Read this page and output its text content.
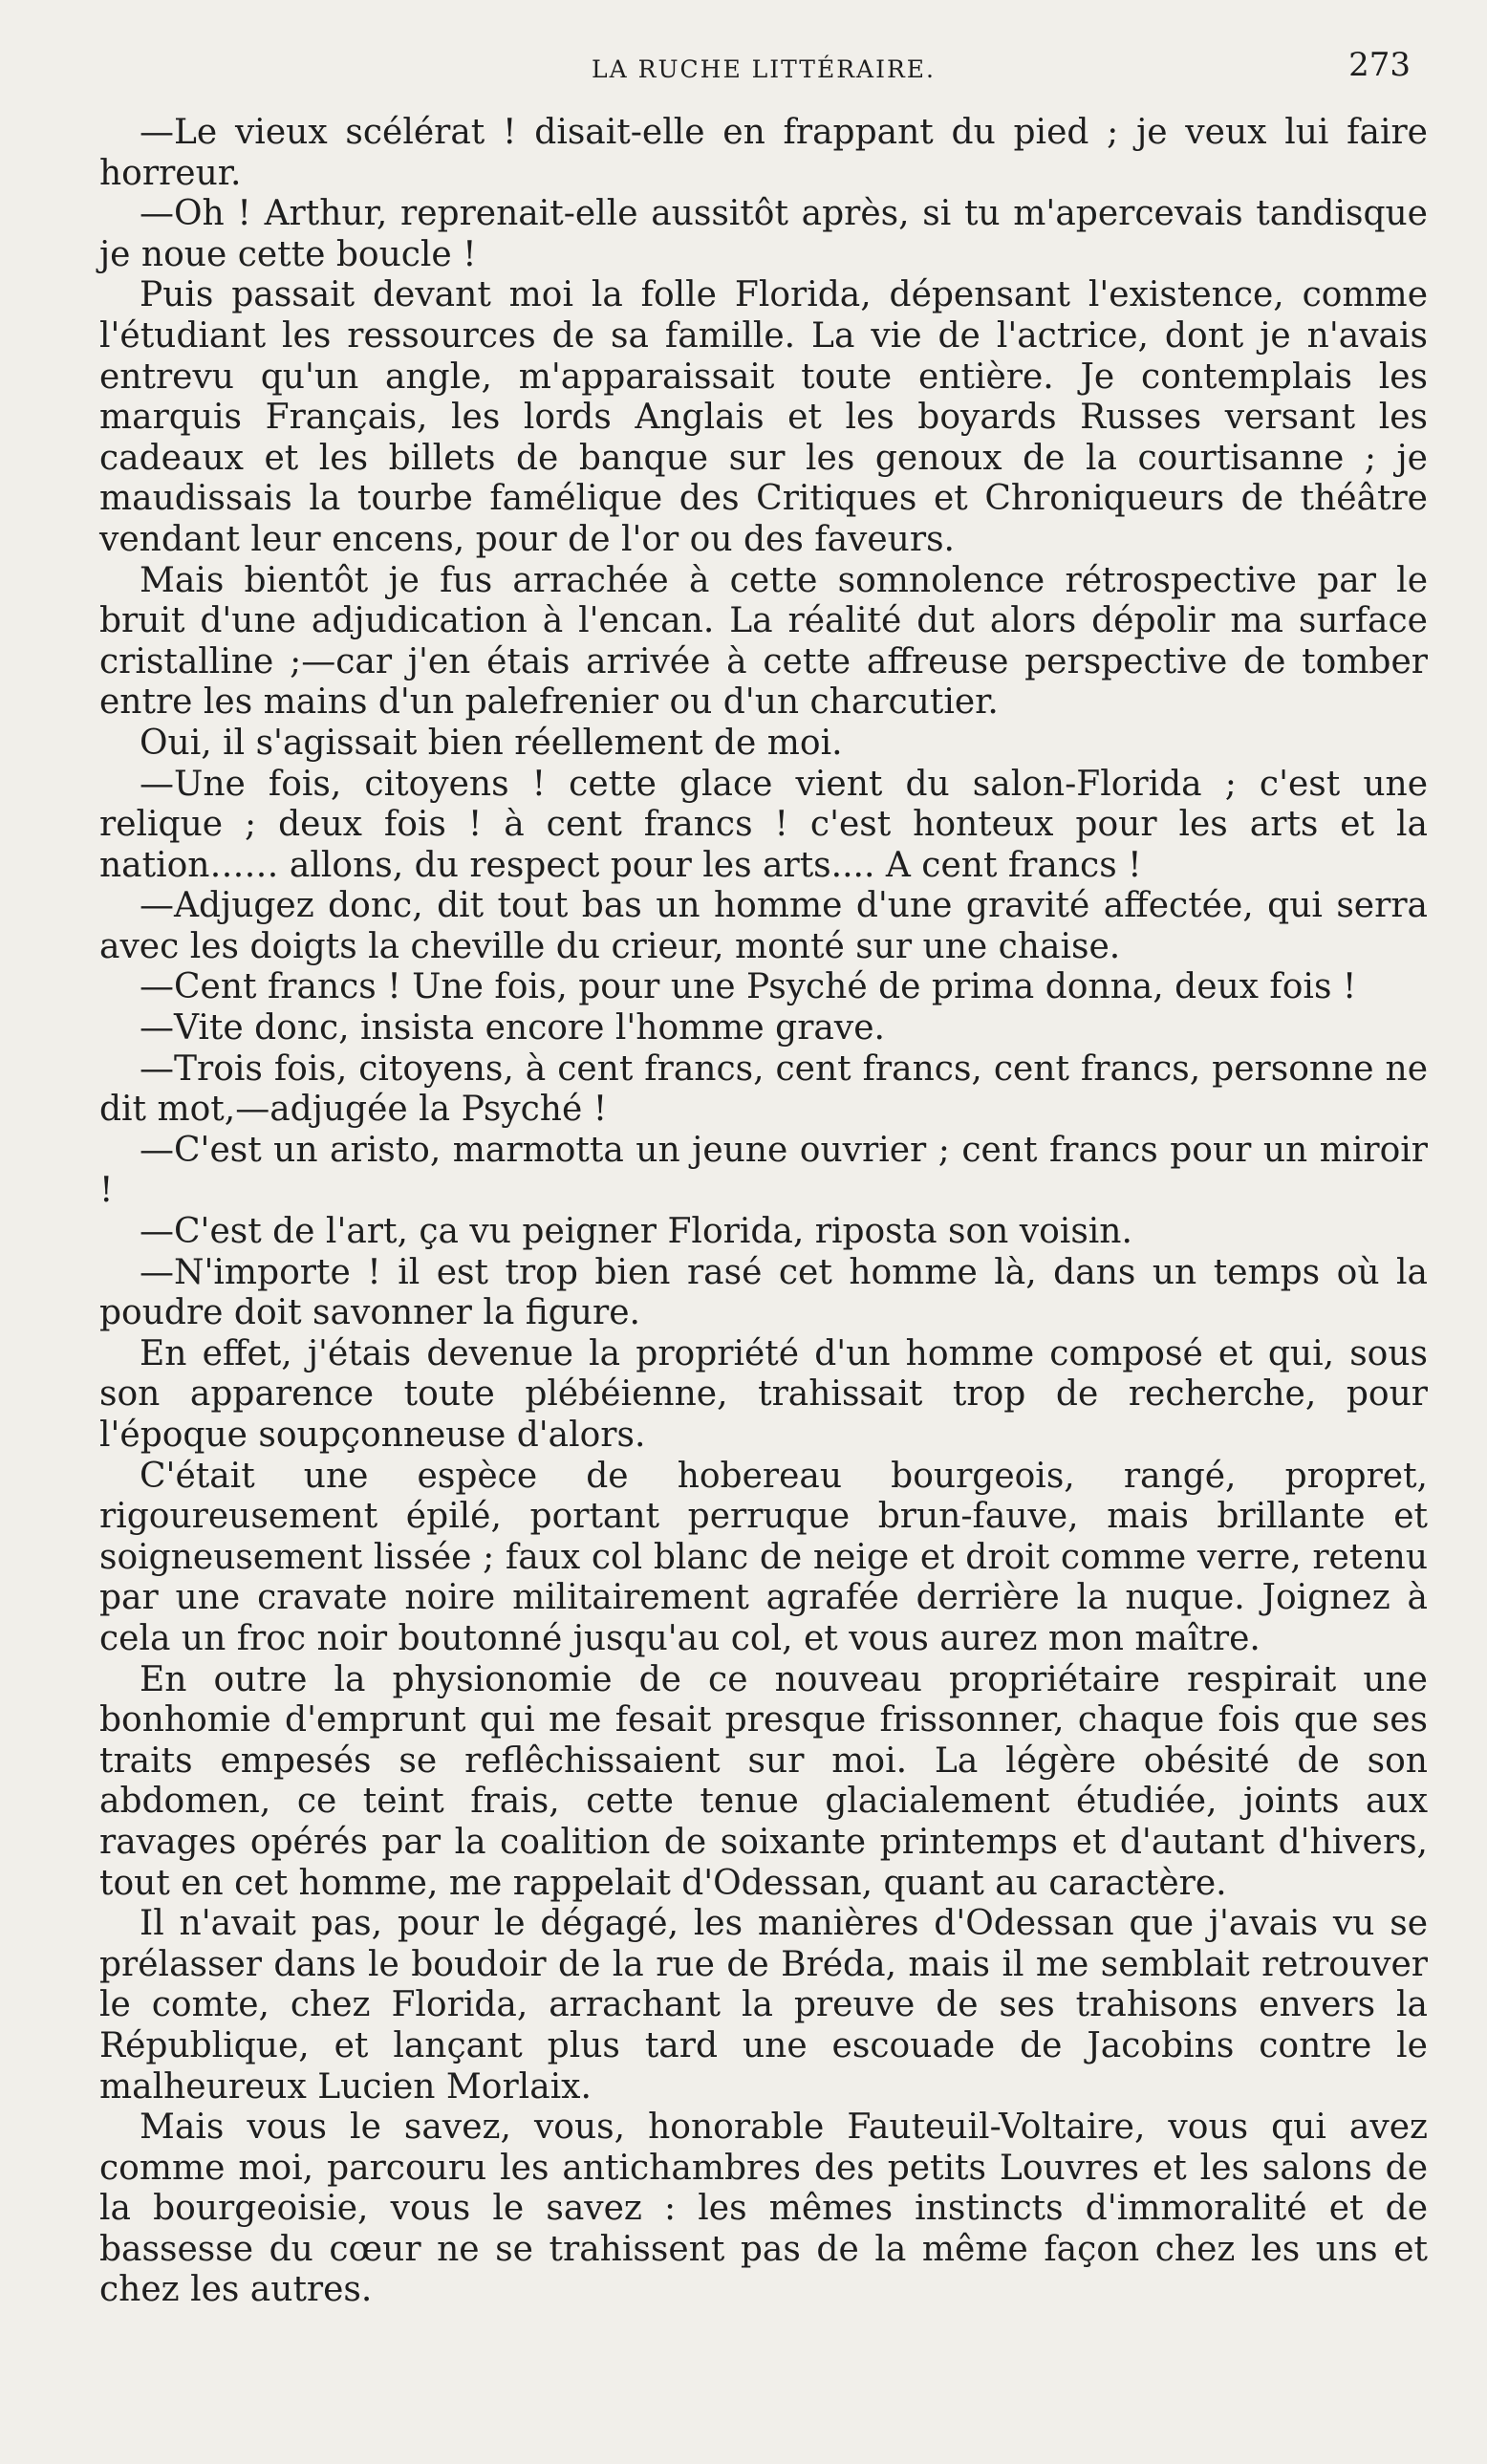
LA RUCHE LITTÉRAIRE.	273

—Le vieux scélérat ! disait-elle en frappant du pied ; je veux lui faire horreur.

—Oh ! Arthur, reprenait-elle aussitôt après, si tu m'apercevais tandisque je noue cette boucle !

Puis passait devant moi la folle Florida, dépensant l'existence, comme l'étudiant les ressources de sa famille. La vie de l'actrice, dont je n'avais entrevu qu'un angle, m'apparaissait toute entière. Je contemplais les marquis Français, les lords Anglais et les boyards Russes versant les cadeaux et les billets de banque sur les genoux de la courtisanne ; je maudissais la tourbe famélique des Critiques et Chroniqueurs de théâtre vendant leur encens, pour de l'or ou des faveurs.

Mais bientôt je fus arrachée à cette somnolence rétrospective par le bruit d'une adjudication à l'encan. La réalité dut alors dépolir ma surface cristalline ;—car j'en étais arrivée à cette affreuse perspective de tomber entre les mains d'un palefrenier ou d'un charcutier.

Oui, il s'agissait bien réellement de moi.

—Une fois, citoyens ! cette glace vient du salon-Florida ; c'est une relique ; deux fois ! à cent francs ! c'est honteux pour les arts et la nation…… allons, du respect pour les arts.... A cent francs !

—Adjugez donc, dit tout bas un homme d'une gravité affectée, qui serra avec les doigts la cheville du crieur, monté sur une chaise.

—Cent francs ! Une fois, pour une Psyché de prima donna, deux fois !

—Vite donc, insista encore l'homme grave.

—Trois fois, citoyens, à cent francs, cent francs, cent francs, personne ne dit mot,—adjugée la Psyché !

—C'est un aristo, marmotta un jeune ouvrier ; cent francs pour un miroir !

—C'est de l'art, ça vu peigner Florida, riposta son voisin.

—N'importe ! il est trop bien rasé cet homme là, dans un temps où la poudre doit savonner la figure.

En effet, j'étais devenue la propriété d'un homme composé et qui, sous son apparence toute plébéienne, trahissait trop de recherche, pour l'époque soupçonneuse d'alors.

C'était une espèce de hobereau bourgeois, rangé, propret, rigoureusement épilé, portant perruque brun-fauve, mais brillante et soigneusement lissée ; faux col blanc de neige et droit comme verre, retenu par une cravate noire militairement agrafée derrière la nuque. Joignez à cela un froc noir boutonné jusqu'au col, et vous aurez mon maître.

En outre la physionomie de ce nouveau propriétaire respirait une bonhomie d'emprunt qui me fesait presque frissonner, chaque fois que ses traits empesés se reflêchissaient sur moi. La légère obésité de son abdomen, ce teint frais, cette tenue glacialement étudiée, joints aux ravages opérés par la coalition de soixante printemps et d'autant d'hivers, tout en cet homme, me rappelait d'Odessan, quant au caractère.

Il n'avait pas, pour le dégagé, les manières d'Odessan que j'avais vu se prélasser dans le boudoir de la rue de Bréda, mais il me semblait retrouver le comte, chez Florida, arrachant la preuve de ses trahisons envers la République, et lançant plus tard une escouade de Jacobins contre le malheureux Lucien Morlaix.

Mais vous le savez, vous, honorable Fauteuil-Voltaire, vous qui avez comme moi, parcouru les antichambres des petits Louvres et les salons de la bourgeoisie, vous le savez : les mêmes instincts d'immoralité et de bassesse du cœur ne se trahissent pas de la même façon chez les uns et chez les autres.
